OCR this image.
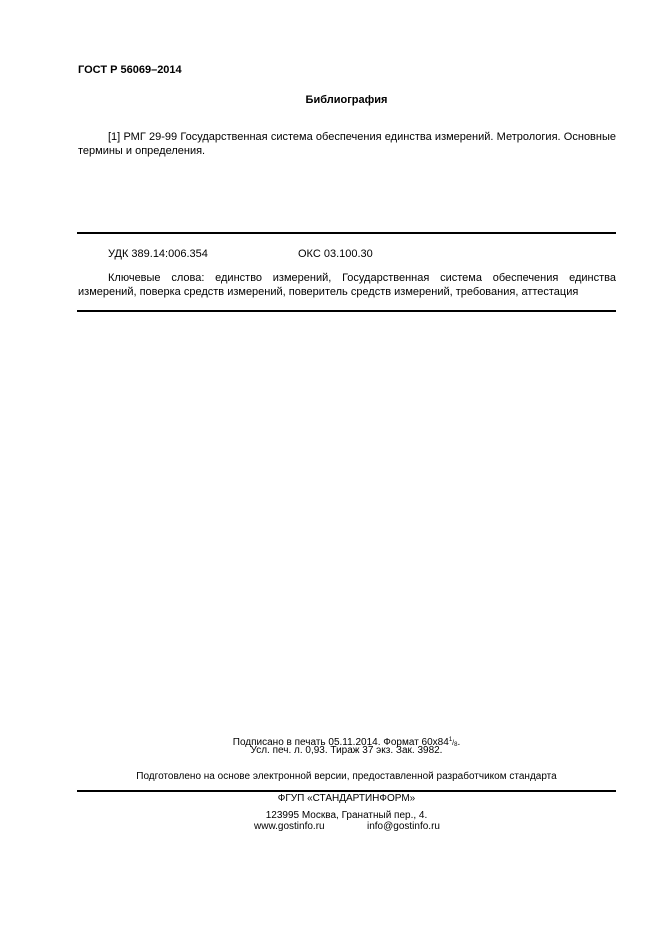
ГОСТ Р 56069–2014
Библиография
[1] РМГ 29-99 Государственная система обеспечения единства измерений. Метрология. Основные термины и определения.
УДК 389.14:006.354	ОКС 03.100.30
Ключевые слова: единство измерений, Государственная система обеспечения единства измерений, поверка средств измерений, поверитель средств измерений, требования, аттестация
Подписано в печать 05.11.2014. Формат $60x84^1/_8$.
Усл. печ. л. 0,93. Тираж 37 экз. Зак. 3982.
Подготовлено на основе электронной версии, предоставленной разработчиком стандарта
ФГУП «СТАНДАРТИНФОРМ»
123995 Москва, Гранатный пер., 4.
www.gostinfo.ru	info@gostinfo.ru
